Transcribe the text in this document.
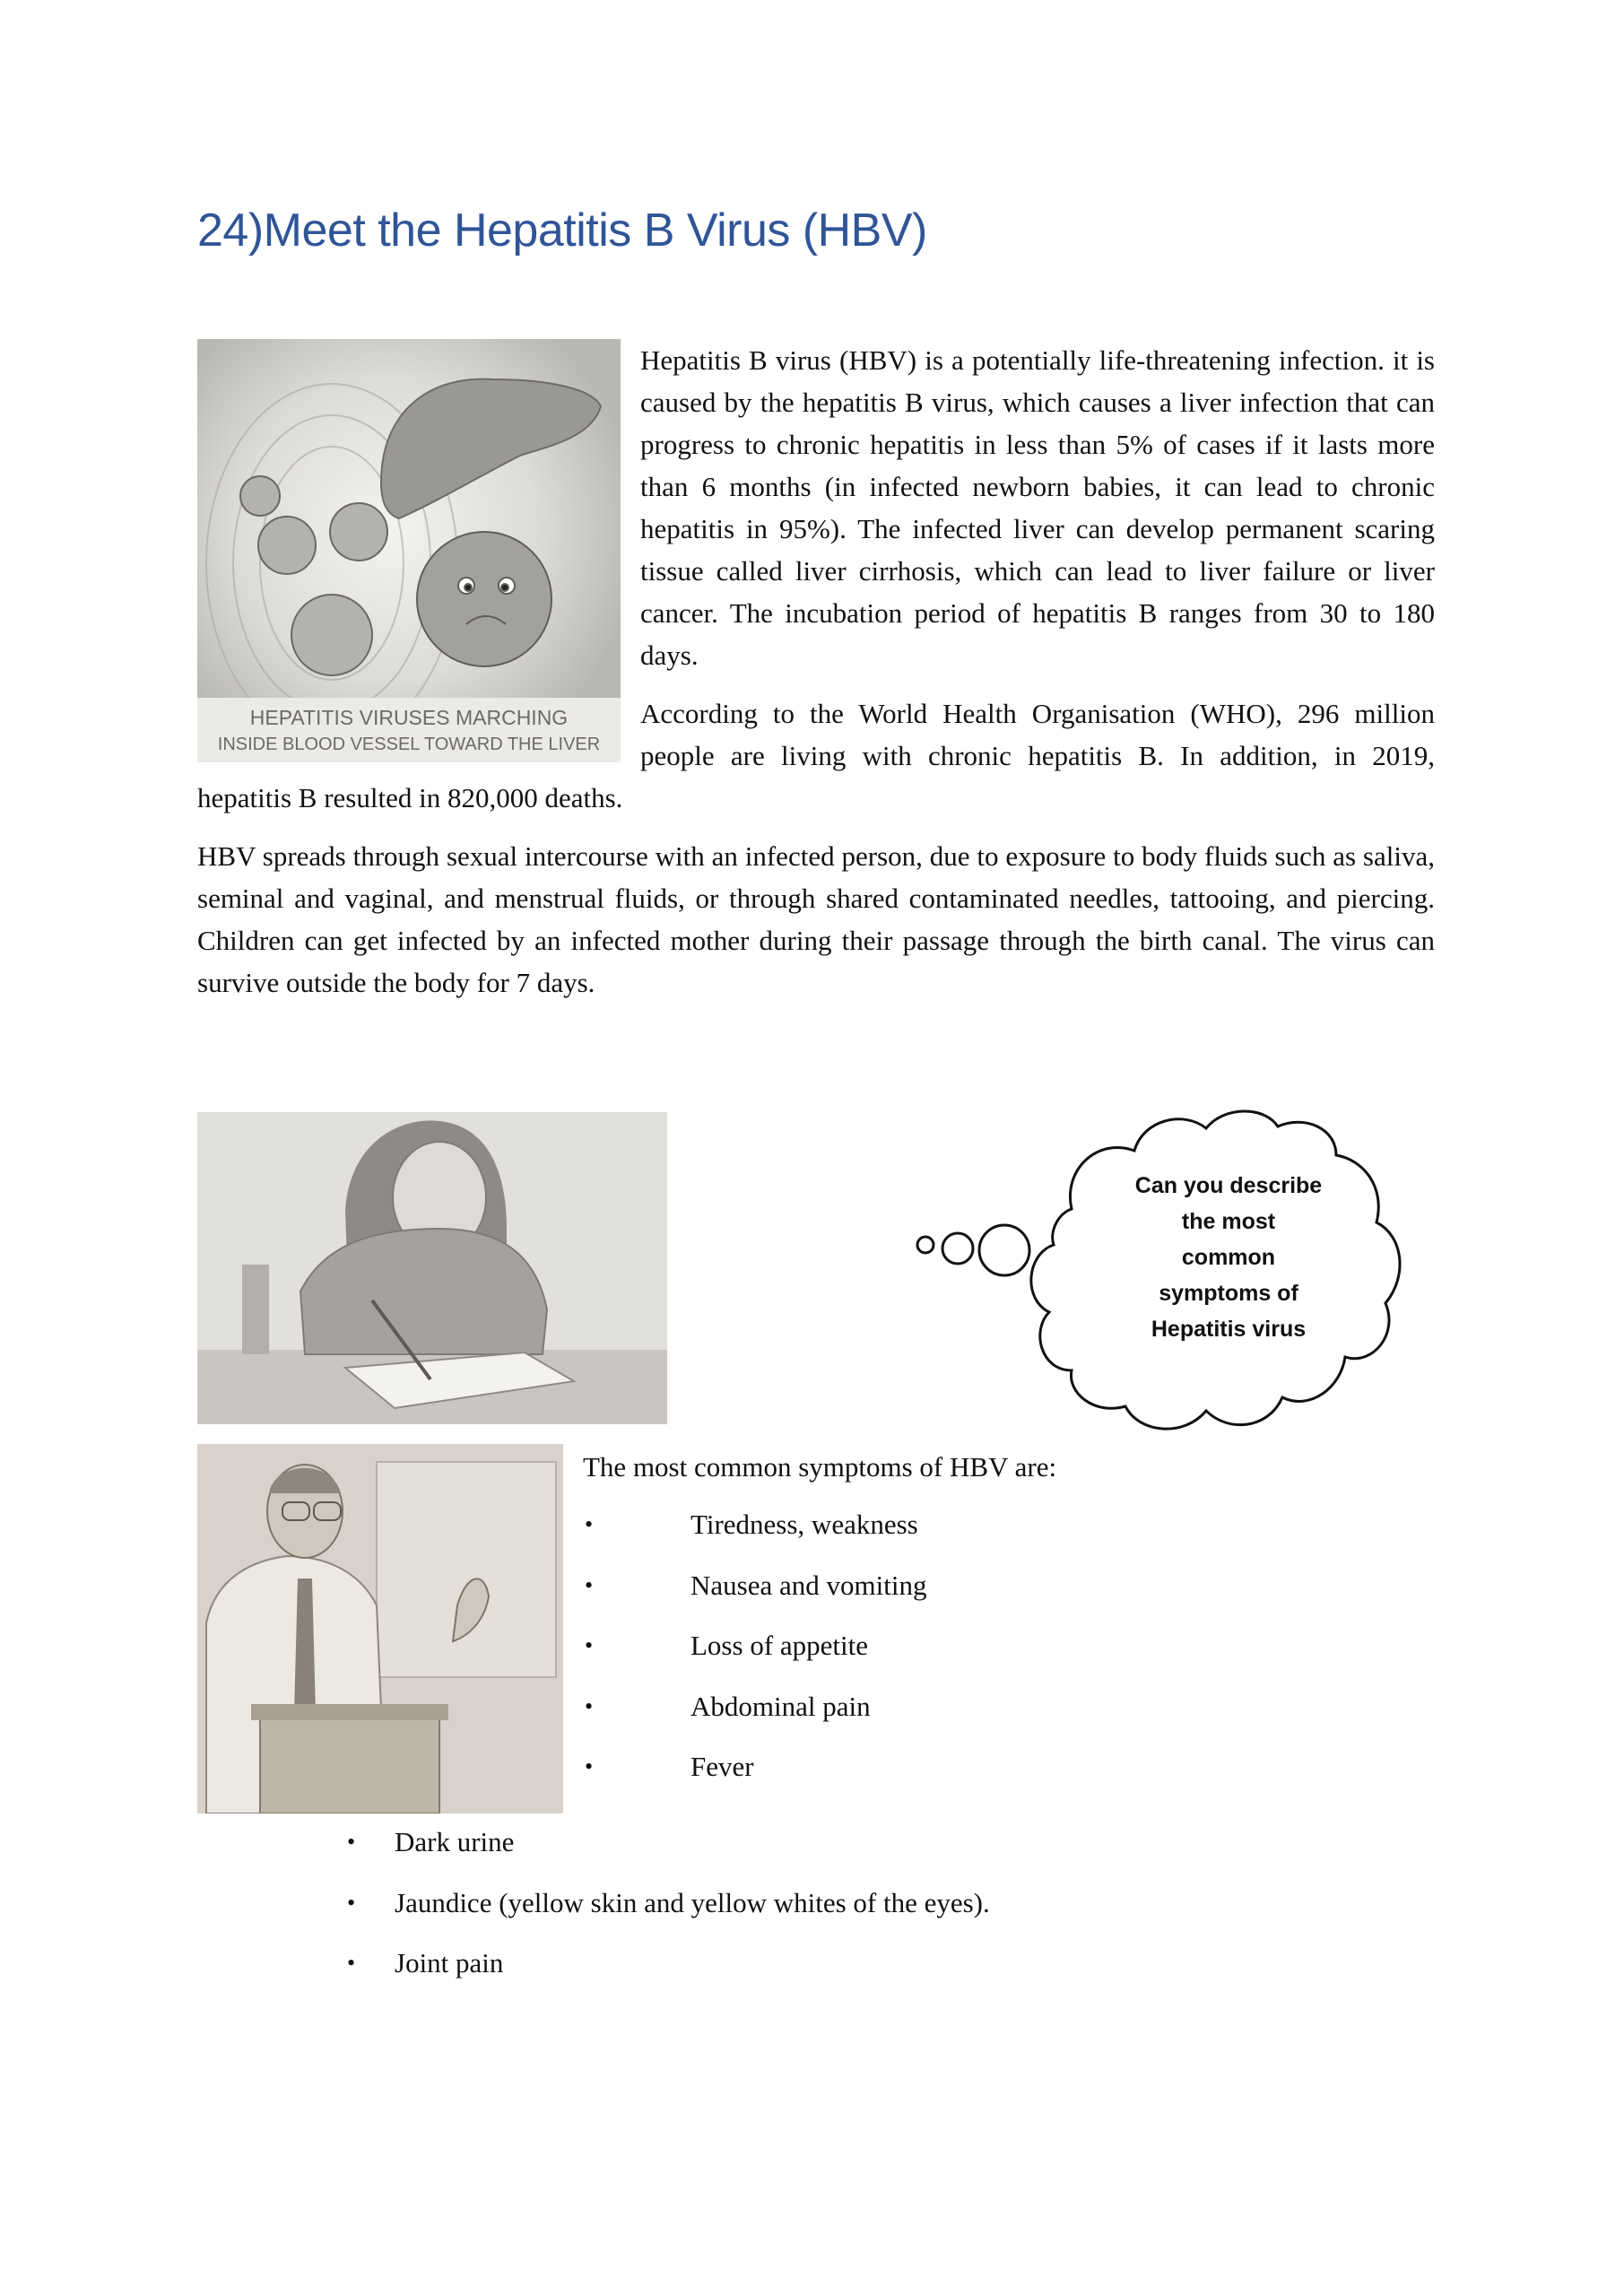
24)Meet the Hepatitis B Virus (HBV)
HEPATITIS VIRUSES MARCHING
INSIDE BLOOD VESSEL TOWARD THE LIVER

Hepatitis B virus (HBV) is a potentially life-threatening infection. it is caused by the hepatitis B virus, which causes a liver infection that can progress to chronic hepatitis in less than 5% of cases if it lasts more than 6 months (in infected newborn babies, it can lead to chronic hepatitis in 95%). The infected liver can develop permanent scaring tissue called liver cirrhosis, which can lead to liver failure or liver cancer. The incubation period of hepatitis B ranges from 30 to 180 days.

According to the World Health Organisation (WHO), 296 million people are living with chronic hepatitis B. In addition, in 2019, hepatitis B resulted in 820,000 deaths.

HBV spreads through sexual intercourse with an infected person, due to exposure to body fluids such as saliva, seminal and vaginal, and menstrual fluids, or through shared contaminated needles, tattooing, and piercing. Children can get infected by an infected mother during their passage through the birth canal. The virus can survive outside the body for 7 days.

Can you describe
the most
common
symptoms of
Hepatitis virus
The most common symptoms of HBV are:
•	Tiredness, weakness
•	Nausea and vomiting
•	Loss of appetite
•	Abdominal pain
•	Fever
• Dark urine
• Jaundice (yellow skin and yellow whites of the eyes).
• Joint pain
